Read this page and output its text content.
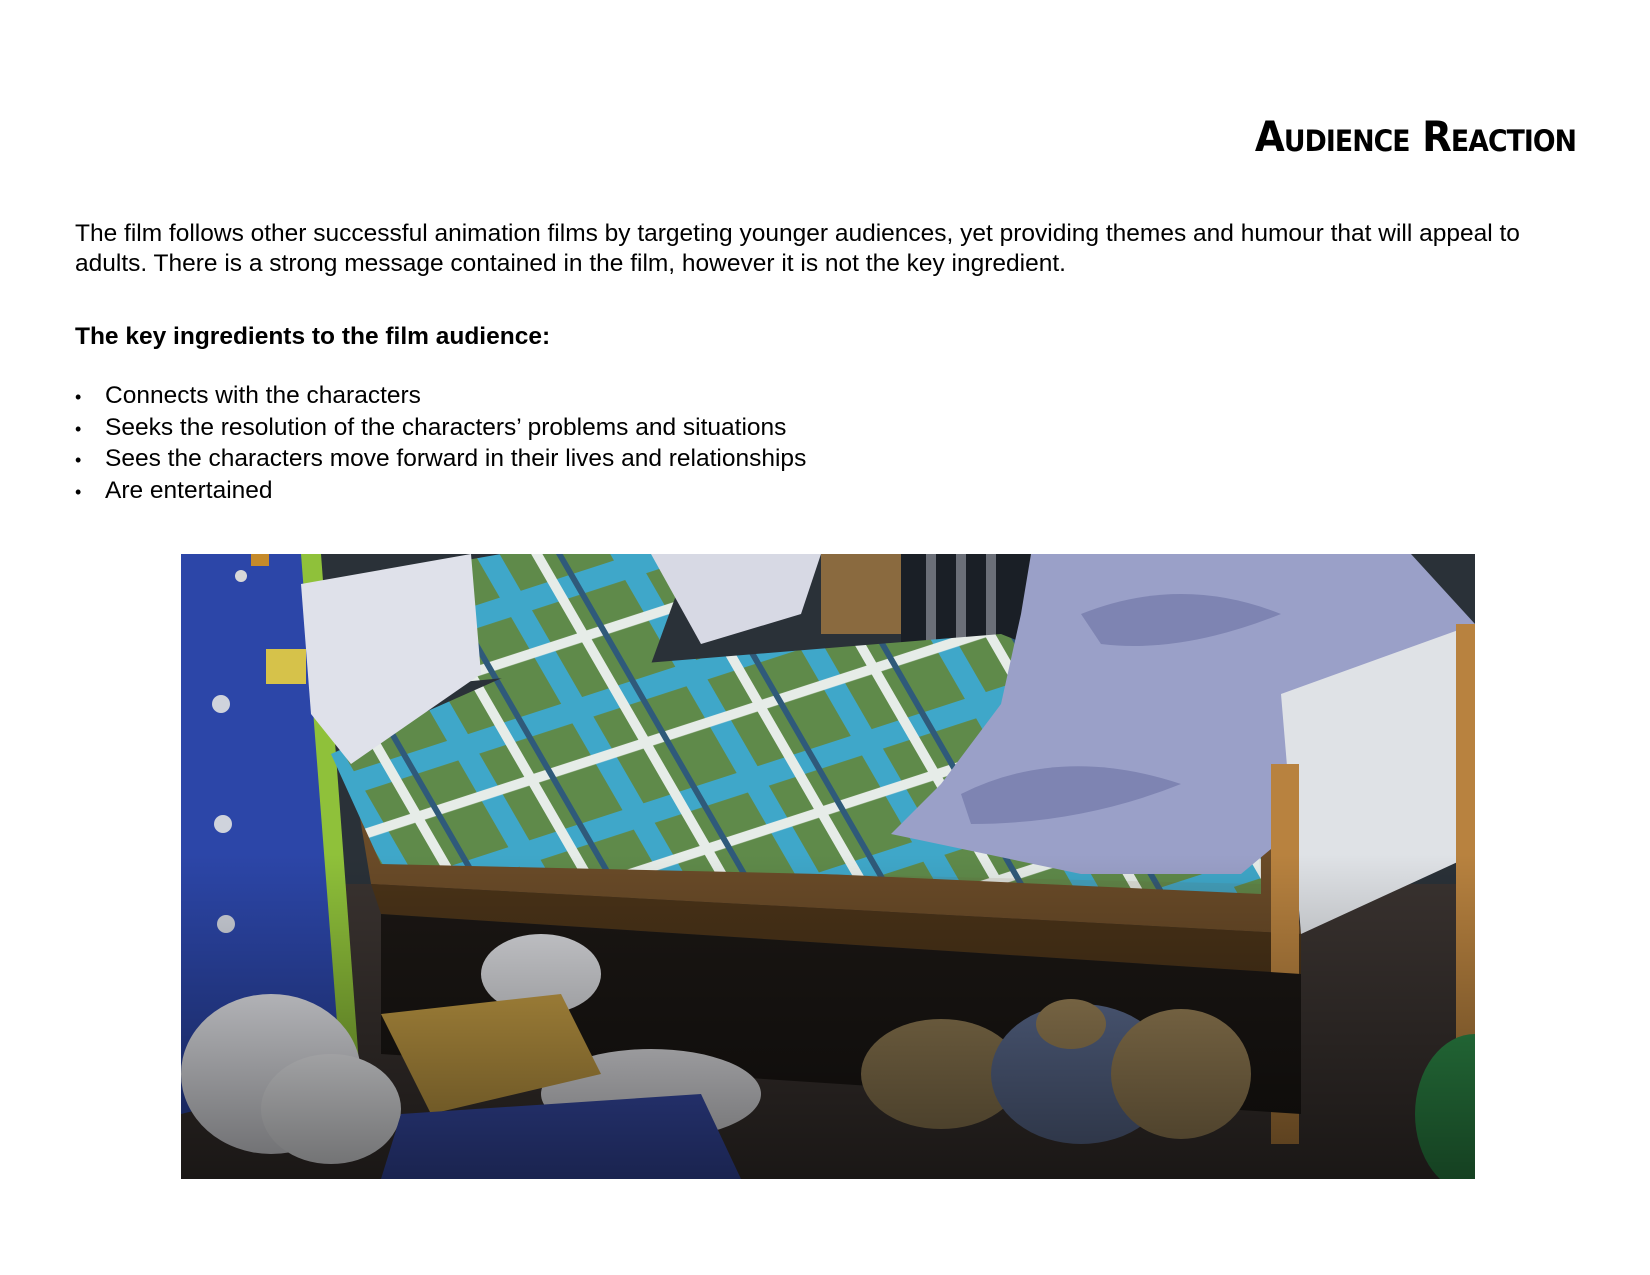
Audience Reaction

The film follows other successful animation films by targeting younger audiences, yet providing themes and humour that will appeal to adults. There is a strong message contained in the film, however it is not the key ingredient.

The key ingredients to the film audience:

• Connects with the characters
• Seeks the resolution of the characters’ problems and situations
• Sees the characters move forward in their lives and relationships
• Are entertained
